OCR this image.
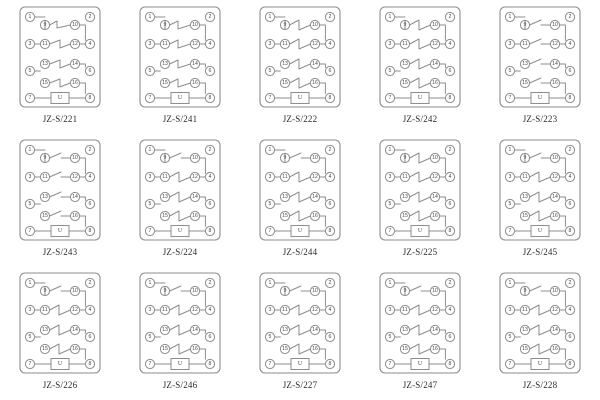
1
3
5
7
2
4
6
8
9
11
13
15
10
12
14
16
U
JZ-S/221
1
3
5
7
2
4
6
8
9
11
13
15
10
12
14
16
U
JZ-S/241
1
3
5
7
2
4
6
8
9
11
13
15
10
12
14
16
U
JZ-S/222
1
3
5
7
2
4
6
8
9
11
13
15
10
12
14
16
U
JZ-S/242
1
3
5
7
2
4
6
8
9
11
13
15
10
12
14
16
U
JZ-S/223
1
3
5
7
2
4
6
8
9
11
13
15
10
12
14
16
U
JZ-S/243
1
3
5
7
2
4
6
8
9
11
13
15
10
12
14
16
U
JZ-S/224
1
3
5
7
2
4
6
8
9
11
13
15
10
12
14
16
U
JZ-S/244
1
3
5
7
2
4
6
8
9
11
13
15
10
12
14
16
U
JZ-S/225
1
3
5
7
2
4
6
8
9
11
13
15
10
12
14
16
U
JZ-S/245
1
3
5
7
2
4
6
8
9
11
13
15
10
12
14
16
U
JZ-S/226
1
3
5
7
2
4
6
8
9
11
13
15
10
12
14
16
U
JZ-S/246
1
3
5
7
2
4
6
8
9
11
13
15
10
12
14
16
U
JZ-S/227
1
3
5
7
2
4
6
8
9
11
13
15
10
12
14
16
U
JZ-S/247
1
3
5
7
2
4
6
8
9
11
13
15
10
12
14
16
U
JZ-S/228
